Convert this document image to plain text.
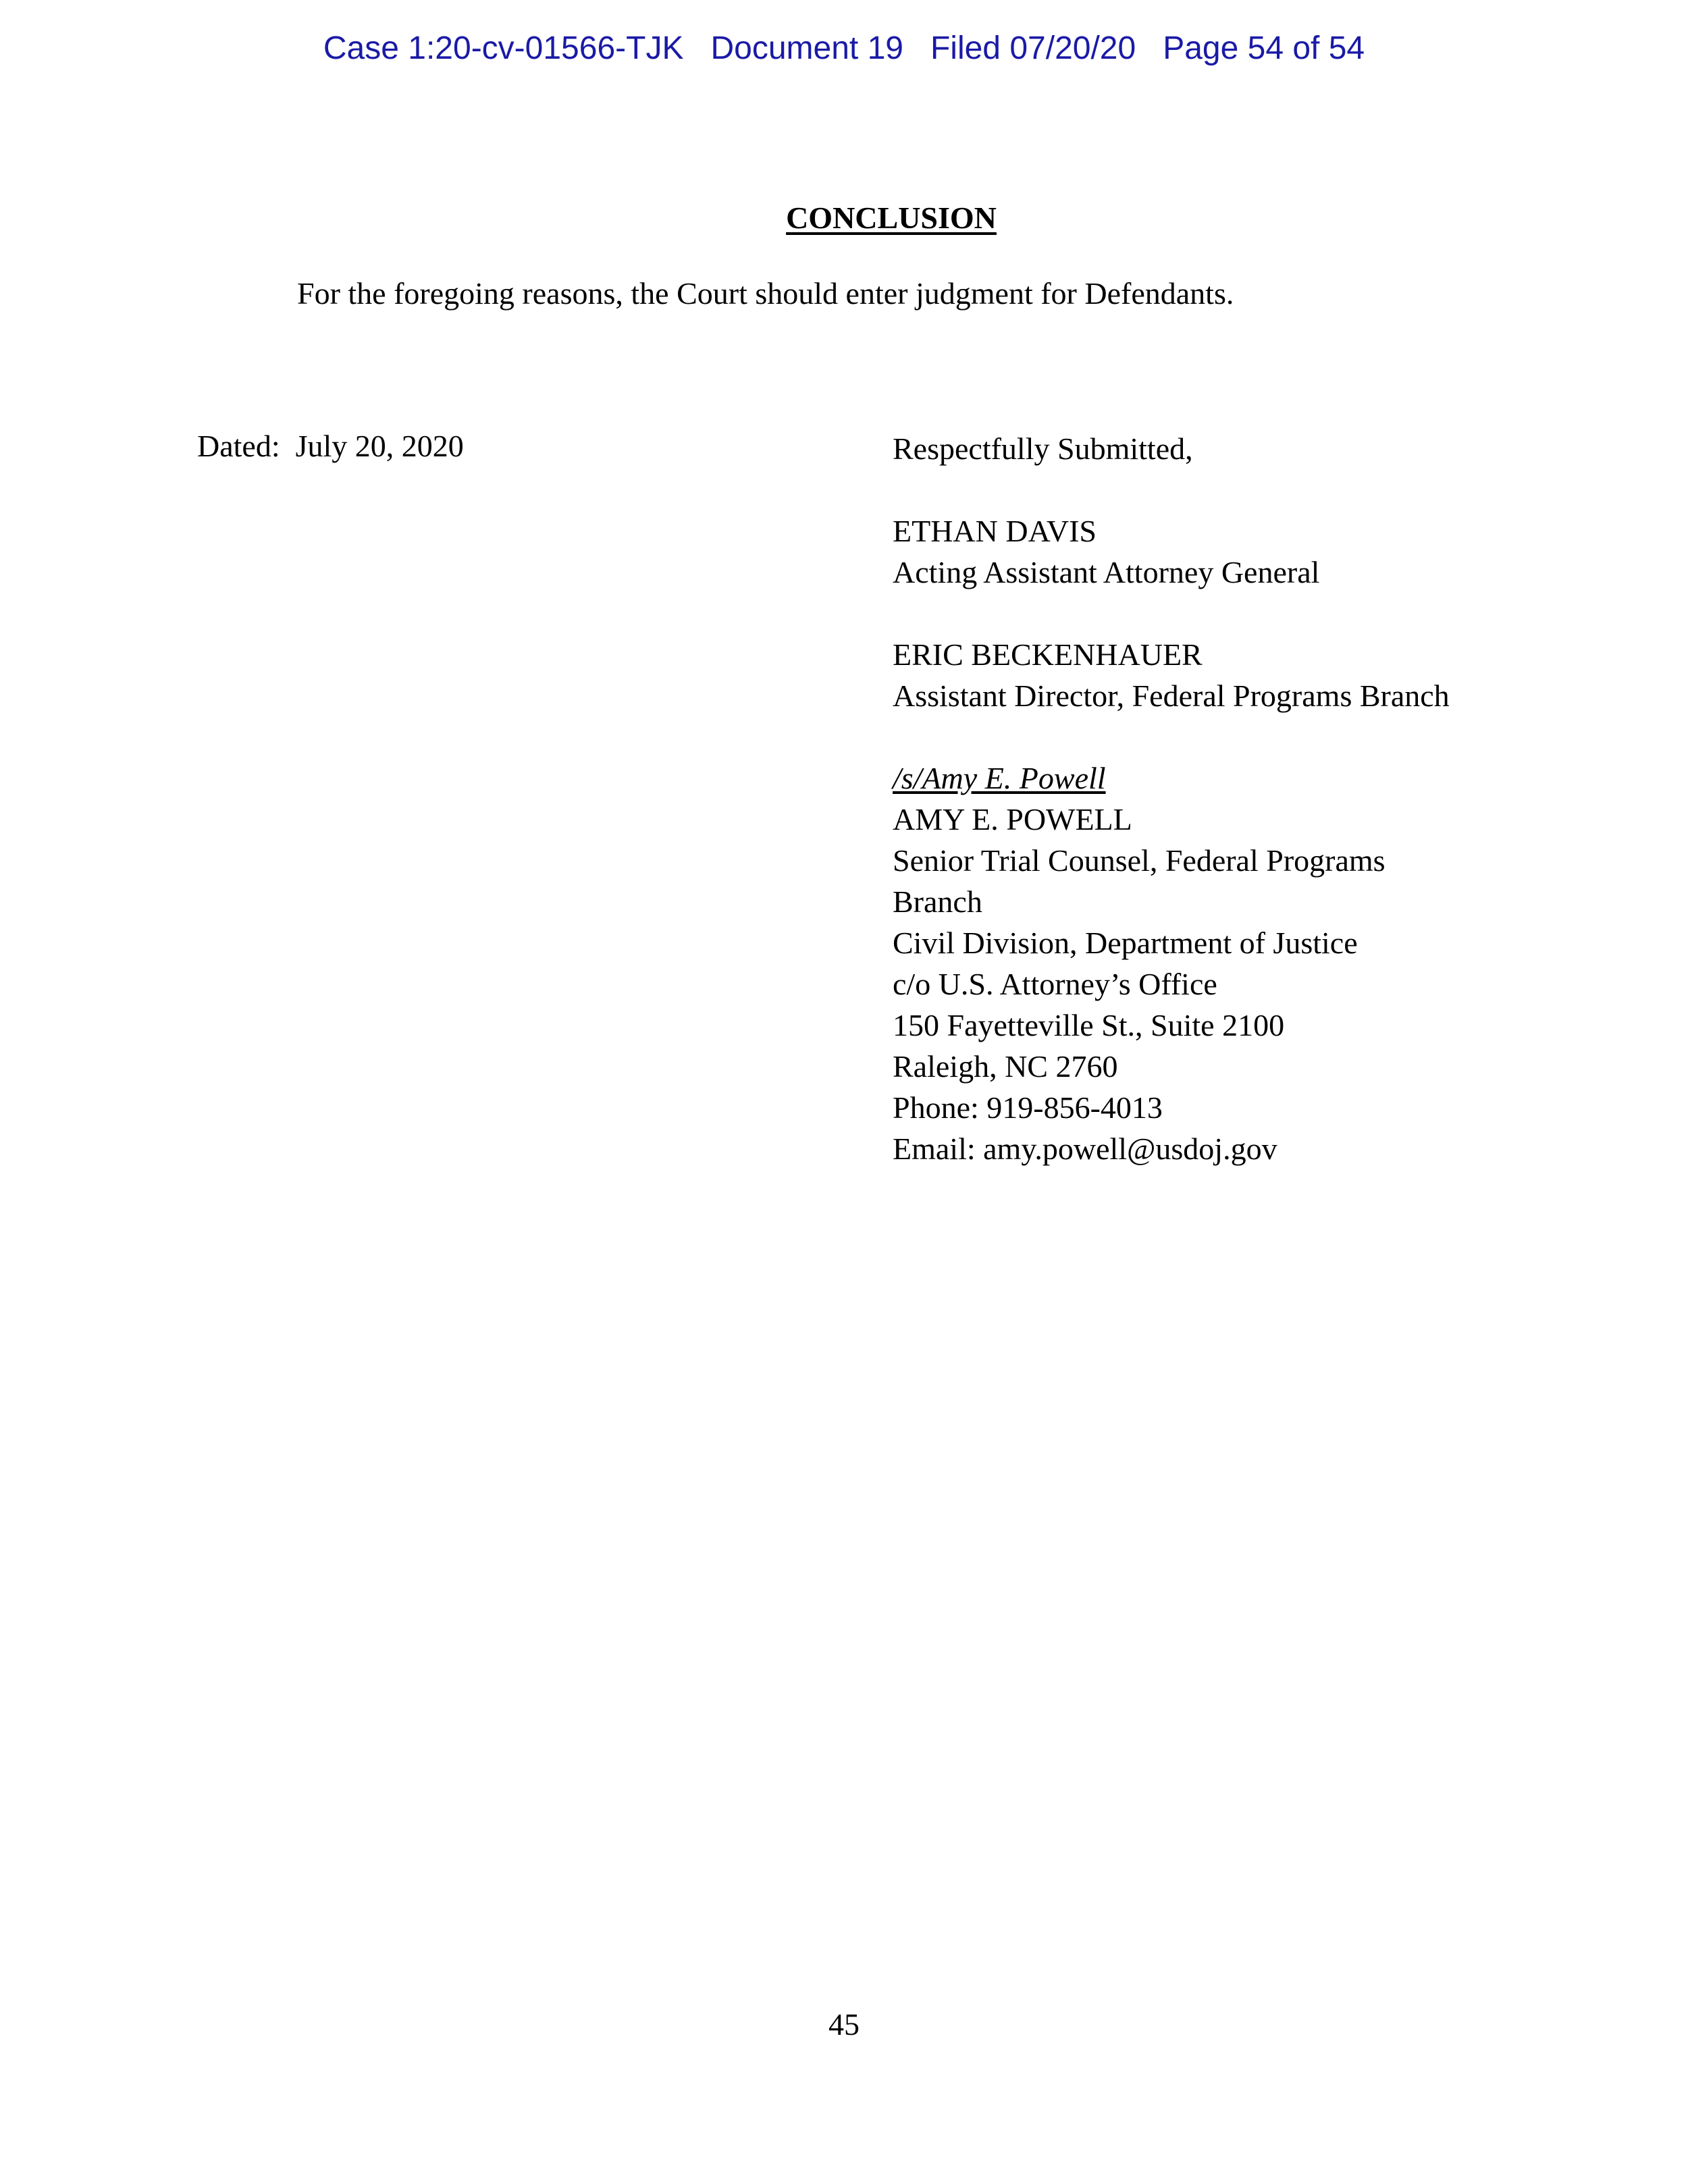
Case 1:20-cv-01566-TJK   Document 19   Filed 07/20/20   Page 54 of 54
CONCLUSION
For the foregoing reasons, the Court should enter judgment for Defendants.
Dated:  July 20, 2020	Respectfully Submitted,
ETHAN DAVIS
Acting Assistant Attorney General
ERIC BECKENHAUER
Assistant Director, Federal Programs Branch
/s/Amy E. Powell
AMY E. POWELL
Senior Trial Counsel, Federal Programs
Branch
Civil Division, Department of Justice
c/o U.S. Attorney’s Office
150 Fayetteville St., Suite 2100
Raleigh, NC 2760
Phone: 919-856-4013
Email: amy.powell@usdoj.gov
45
